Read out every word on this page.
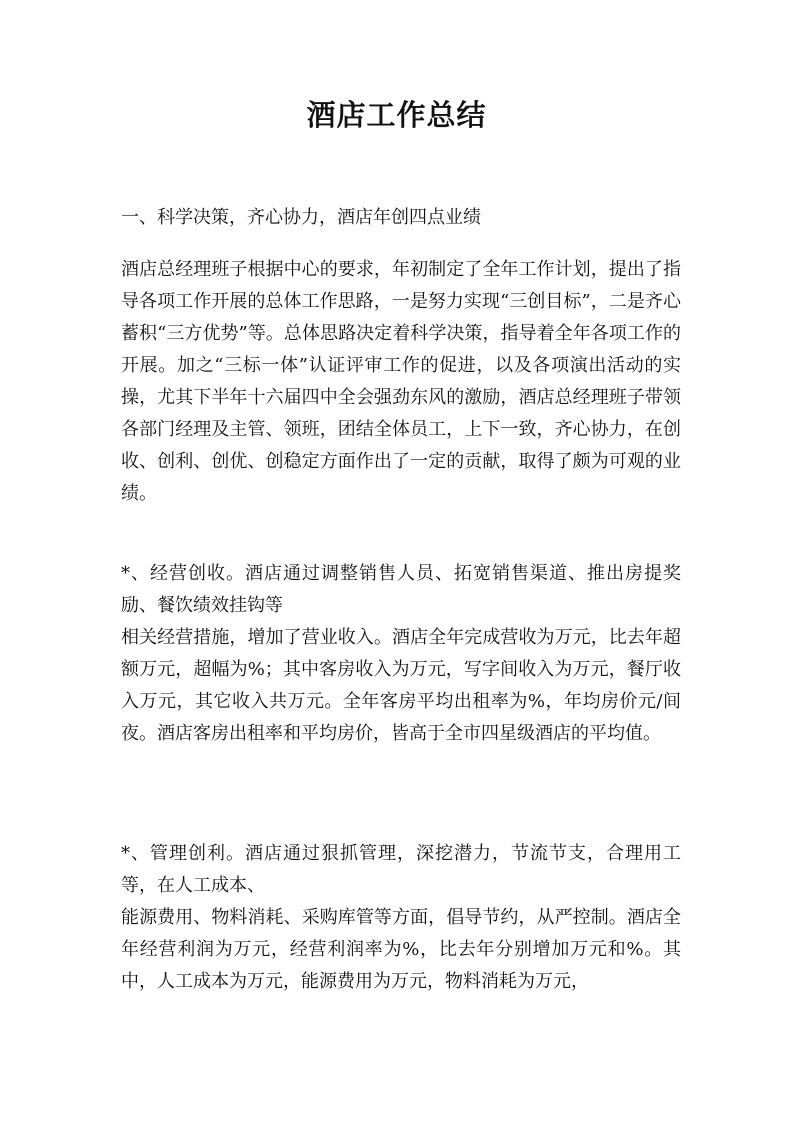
酒店工作总结
一、科学决策，齐心协力，酒店年创四点业绩
酒店总经理班子根据中心的要求，年初制定了全年工作计划，提出了指导各项工作开展的总体工作思路，一是努力实现“三创目标”，二是齐心蓄积“三方优势”等。总体思路决定着科学决策，指导着全年各项工作的开展。加之“三标一体”认证评审工作的促进，以及各项演出活动的实操，尤其下半年十六届四中全会强劲东风的激励，酒店总经理班子带领各部门经理及主管、领班，团结全体员工，上下一致，齐心协力，在创收、创利、创优、创稳定方面作出了一定的贡献，取得了颇为可观的业绩。
*、经营创收。酒店通过调整销售人员、拓宽销售渠道、推出房提奖励、餐饮绩效挂钩等
相关经营措施，增加了营业收入。酒店全年完成营收为万元，比去年超额万元，超幅为%；其中客房收入为万元，写字间收入为万元，餐厅收入万元，其它收入共万元。全年客房平均出租率为%，年均房价元/间夜。酒店客房出租率和平均房价，皆高于全市四星级酒店的平均值。
*、管理创利。酒店通过狠抓管理，深挖潜力，节流节支，合理用工等，在人工成本、
能源费用、物料消耗、采购库管等方面，倡导节约，从严控制。酒店全年经营利润为万元，经营利润率为%，比去年分别增加万元和%。其中，人工成本为万元，能源费用为万元，物料消耗为万元，
